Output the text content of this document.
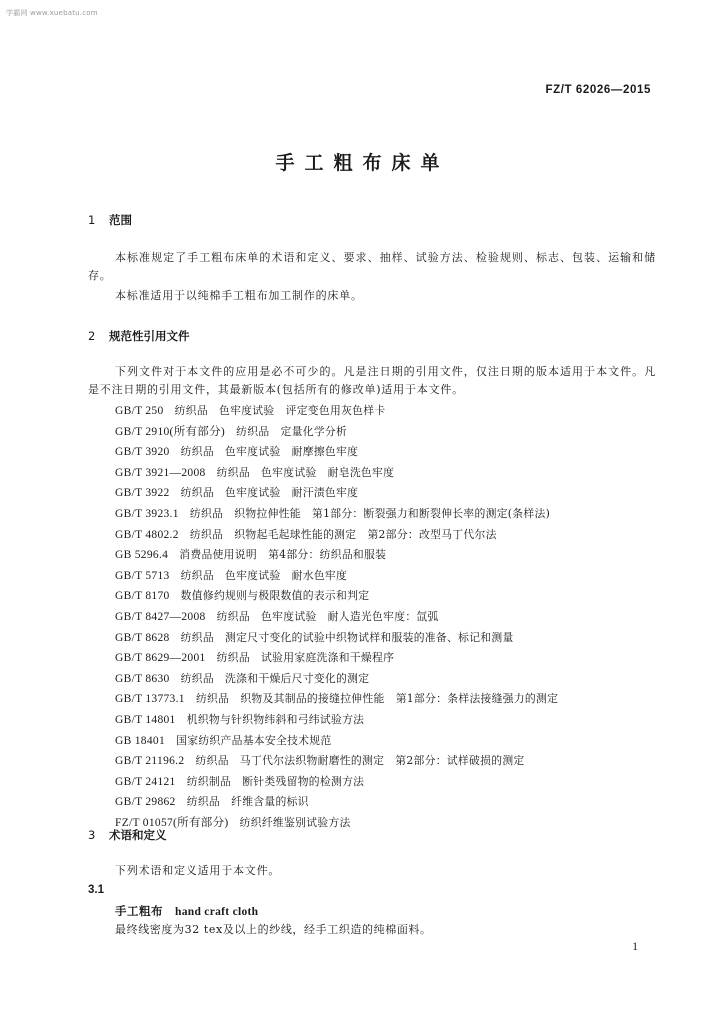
学霸网 www.xuebatu.com
FZ/T 62026—2015
手工粗布床单
1 范围
本标准规定了手工粗布床单的术语和定义、要求、抽样、试验方法、检验规则、标志、包装、运输和储存。
本标准适用于以纯棉手工粗布加工制作的床单。
2 规范性引用文件
下列文件对于本文件的应用是必不可少的。凡是注日期的引用文件，仅注日期的版本适用于本文件。凡是不注日期的引用文件，其最新版本(包括所有的修改单)适用于本文件。
GB/T 250　 纺织品　色牢度试验　评定变色用灰色样卡
GB/T 2910(所有部分)　 纺织品　定量化学分析
GB/T 3920　 纺织品　色牢度试验　耐摩擦色牢度
GB/T 3921—2008　 纺织品　色牢度试验　耐皂洗色牢度
GB/T 3922　 纺织品　色牢度试验　耐汗渍色牢度
GB/T 3923.1　 纺织品　织物拉伸性能　第1部分：断裂强力和断裂伸长率的测定(条样法)
GB/T 4802.2　 纺织品　织物起毛起球性能的测定　第2部分：改型马丁代尔法
GB 5296.4　 消费品使用说明　第4部分：纺织品和服装
GB/T 5713　 纺织品　色牢度试验　耐水色牢度
GB/T 8170　 数值修约规则与极限数值的表示和判定
GB/T 8427—2008　 纺织品　色牢度试验　耐人造光色牢度：氙弧
GB/T 8628　 纺织品　测定尺寸变化的试验中织物试样和服装的准备、标记和测量
GB/T 8629—2001　 纺织品　试验用家庭洗涤和干燥程序
GB/T 8630　 纺织品　洗涤和干燥后尺寸变化的测定
GB/T 13773.1　 纺织品　织物及其制品的接缝拉伸性能　第1部分：条样法接缝强力的测定
GB/T 14801　 机织物与针织物纬斜和弓纬试验方法
GB 18401　 国家纺织产品基本安全技术规范
GB/T 21196.2　 纺织品　马丁代尔法织物耐磨性的测定　第2部分：试样破损的测定
GB/T 24121　 纺织制品　断针类残留物的检测方法
GB/T 29862　 纺织品　纤维含量的标识
FZ/T 01057(所有部分)　 纺织纤维鉴别试验方法
3 术语和定义
下列术语和定义适用于本文件。
3.1
手工粗布 hand craft cloth
最终线密度为32 tex及以上的纱线，经手工织造的纯棉面料。
1
